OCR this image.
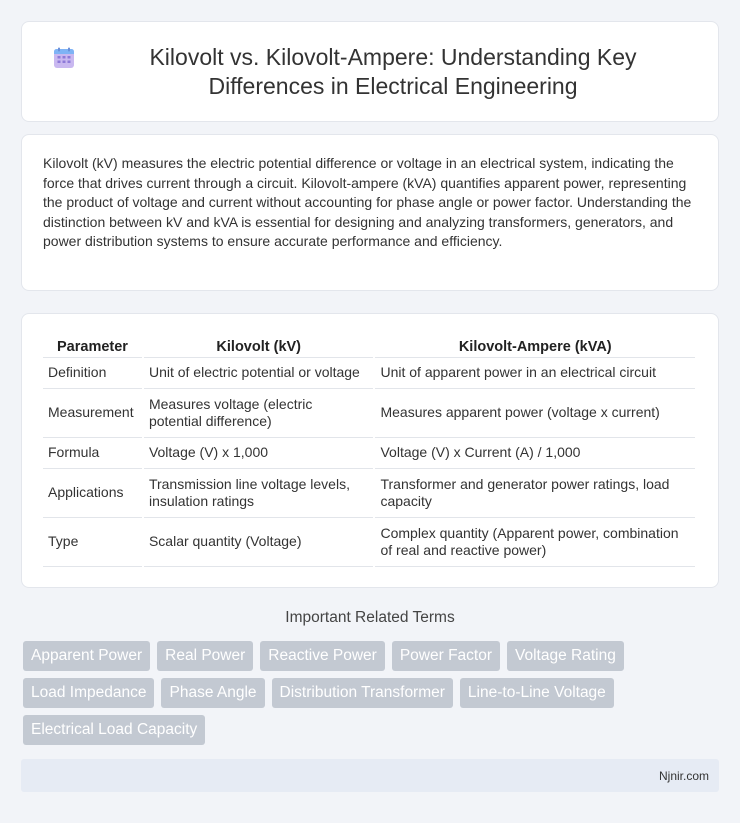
Kilovolt vs. Kilovolt-Ampere: Understanding Key Differences in Electrical Engineering

Kilovolt (kV) measures the electric potential difference or voltage in an electrical system, indicating the force that drives current through a circuit. Kilovolt-ampere (kVA) quantifies apparent power, representing the product of voltage and current without accounting for phase angle or power factor. Understanding the distinction between kV and kVA is essential for designing and analyzing transformers, generators, and power distribution systems to ensure accurate performance and efficiency.

Parameter	Kilovolt (kV)	Kilovolt-Ampere (kVA)
Definition	Unit of electric potential or voltage	Unit of apparent power in an electrical circuit
Measurement	Measures voltage (electric potential difference)	Measures apparent power (voltage x current)
Formula	Voltage (V) x 1,000	Voltage (V) x Current (A) / 1,000
Applications	Transmission line voltage levels, insulation ratings	Transformer and generator power ratings, load capacity
Type	Scalar quantity (Voltage)	Complex quantity (Apparent power, combination of real and reactive power)
Important Related Terms
Apparent Power	Real Power	Reactive Power	Power Factor	Voltage Rating
Load Impedance	Phase Angle	Distribution Transformer	Line-to-Line Voltage
Electrical Load Capacity
Njnir.com
